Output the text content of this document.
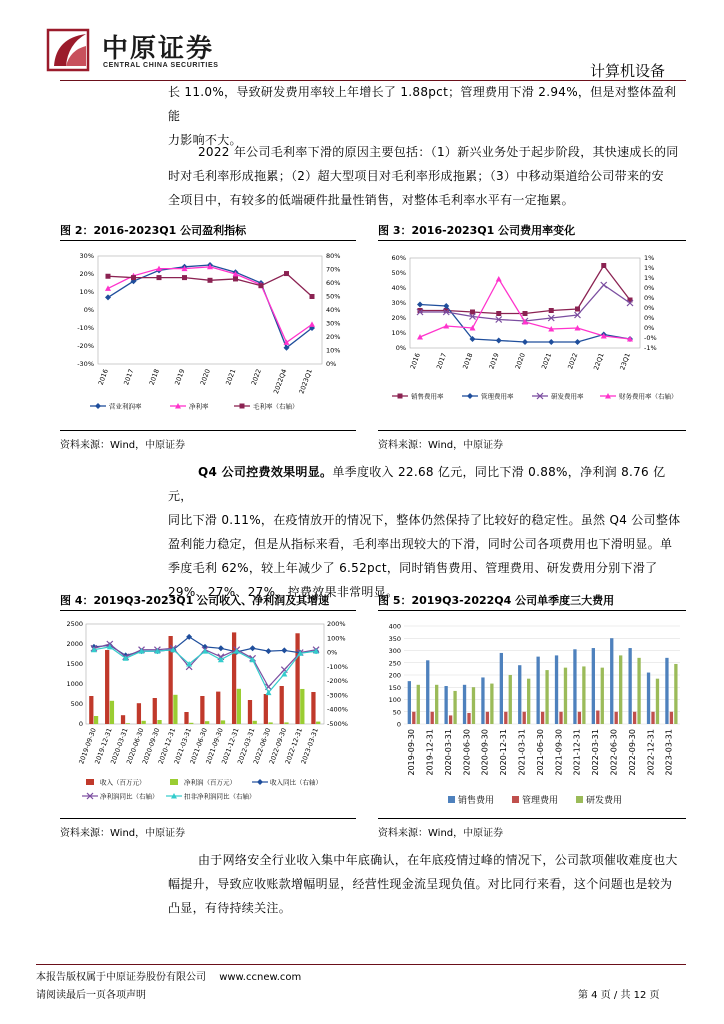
中原证券
CENTRAL CHINA SECURITIES	计算机设备

长 11.0%，导致研发费用率较上年增长了 1.88pct；管理费用下滑 2.94%，但是对整体盈利能

力影响不大。

2022 年公司毛利率下滑的原因主要包括：（1）新兴业务处于起步阶段，其快速成长的同

时对毛利率形成拖累；（2）超大型项目对毛利率形成拖累；（3）中移动渠道给公司带来的安

全项目中，有较多的低端硬件批量性销售，对整体毛利率水平有一定拖累。

图 2：2016-2023Q1 公司盈利指标	图 3：2016-2023Q1 公司费用率变化
30%
20%
10%
0%
-10%
-20%
-30%
80%
70%
60%
50%
40%
30%
20%
10%
0%
2016 2017 2018 2019 2020 2021 2022 2022Q4 2023Q1
营业利润率	净利率	毛利率（右轴）
资料来源：Wind，中原证券
60%
50%
40%
30%
20%
10%
0%
1%
1%
1%
0%
0%
0%
0%
0%
-0%
-1%
2016 2017 2018 2019 2020 2021 2022 22Q1 23Q1
销售费用率	管理费用率	研发费用率	财务费用率（右轴）
资料来源：Wind，中原证券

Q4 公司控费效果明显。单季度收入 22.68 亿元，同比下滑 0.88%，净利润 8.76 亿元，

同比下滑 0.11%，在疫情放开的情况下，整体仍然保持了比较好的稳定性。虽然 Q4 公司整体

盈利能力稳定，但是从指标来看，毛利率出现较大的下滑，同时公司各项费用也下滑明显。单

季度毛利 62%，较上年减少了 6.52pct，同时销售费用、管理费用、研发费用分别下滑了

29%、27%、27%，控费效果非常明显。

图 4：2019Q3-2023Q1 公司收入、净利润及其增速	图 5：2019Q3-2022Q4 公司单季度三大费用
2500
2000
1500
1000
500
0
200%
100%
0%
-100%
-200%
-300%
-400%
-500%
2019-09-30
2019-12-31
2020-03-31
2020-06-30
2020-09-30
2020-12-31
2021-03-31
2021-06-30
2021-09-30
2021-12-31
2022-03-31
2022-06-30
2022-09-30
2022-12-31
2023-03-31
收入（百万元）	净利润（百万元）	收入同比（右轴）
净利润同比（右轴）	扣非净利润同比（右轴）
资料来源：Wind，中原证券
400
350
300
250
200
150
100
50
0
2019-09-30 2019-12-31 2020-03-31 2020-06-30 2020-09-30 2020-12-31 2021-03-31 2021-06-30 2021-09-30 2021-12-31 2022-03-31 2022-06-30 2022-09-30 2022-12-31 2023-03-31
销售费用	管理费用	研发费用
资料来源：Wind，中原证券

由于网络安全行业收入集中年底确认，在年底疫情过峰的情况下，公司款项催收难度也大

幅提升，导致应收账款增幅明显，经营性现金流呈现负值。对比同行来看，这个问题也是较为

凸显，有待持续关注。

本报告版权属于中原证券股份有限公司 www.ccnew.com
请阅读最后一页各项声明	第 4 页 / 共 12 页
